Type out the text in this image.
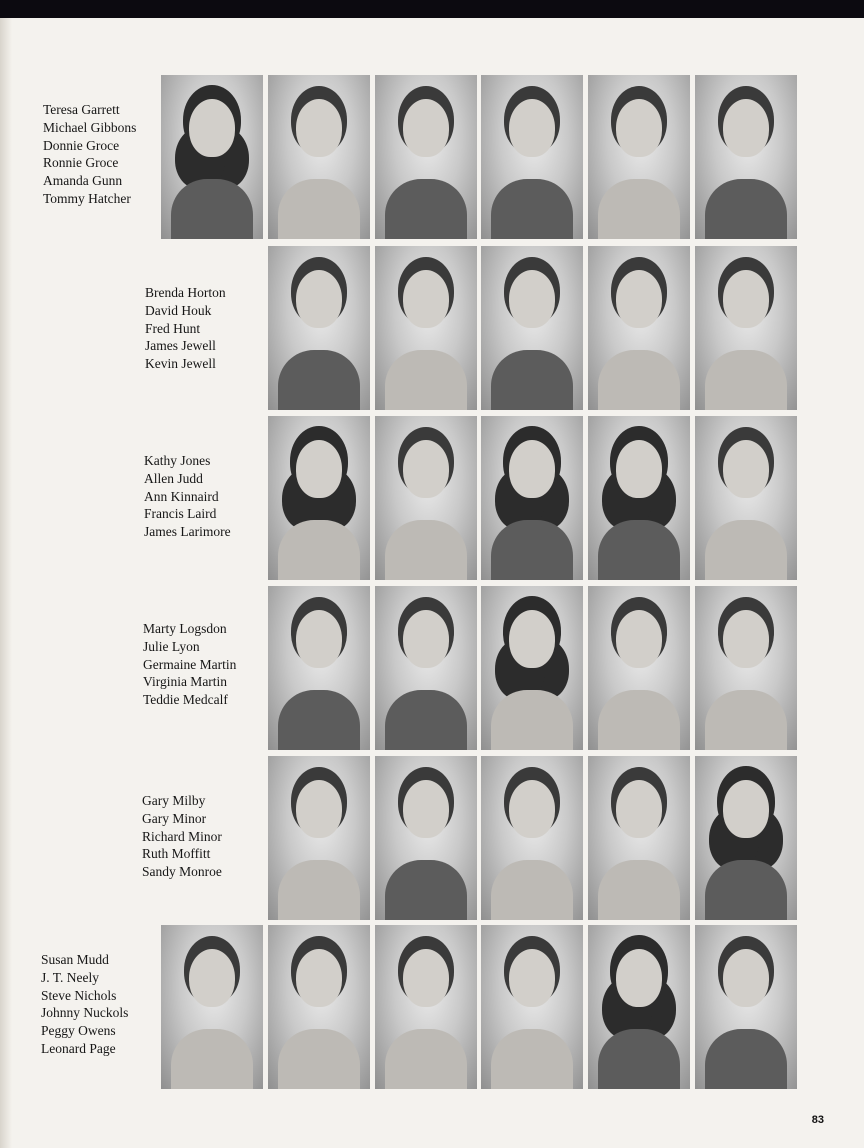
Teresa Garrett
Michael Gibbons
Donnie Groce
Ronnie Groce
Amanda Gunn
Tommy Hatcher
Brenda Horton
David Houk
Fred Hunt
James Jewell
Kevin Jewell
Kathy Jones
Allen Judd
Ann Kinnaird
Francis Laird
James Larimore
Marty Logsdon
Julie Lyon
Germaine Martin
Virginia Martin
Teddie Medcalf
Gary Milby
Gary Minor
Richard Minor
Ruth Moffitt
Sandy Monroe
Susan Mudd
J. T. Neely
Steve Nichols
Johnny Nuckols
Peggy Owens
Leonard Page
83
